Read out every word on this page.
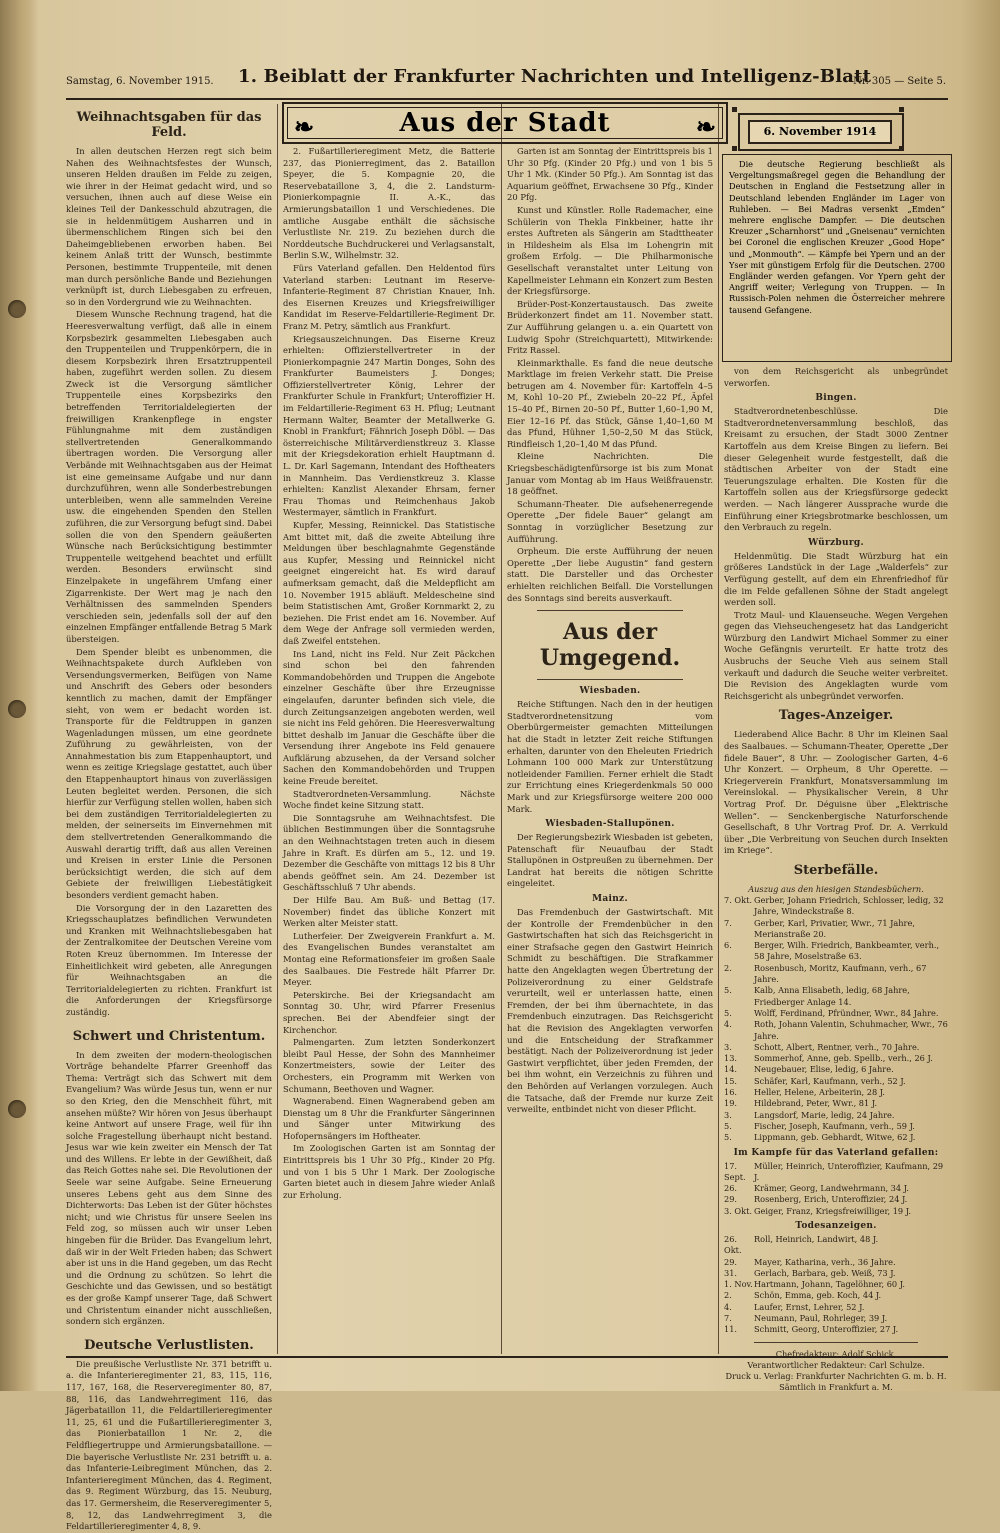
Samstag, 6. November 1915. 1. Beiblatt der Frankfurter Nachrichten und Intelligenz-Blatt
Nr. 305 — Seite 5.
❧	Aus der Stadt	❧
Weihnachtsgaben für das Feld.

In allen deutschen Herzen regt sich beim Nahen des Weihnachtsfestes der Wunsch, unseren Helden draußen im Felde zu zeigen, wie ihrer in der Heimat gedacht wird, und so versuchen, ihnen auch auf diese Weise ein kleines Teil der Dankesschuld abzutragen, die sie in heldenmütigem Ausharren und in übermenschlichem Ringen sich bei den Daheimgebliebenen erworben haben. Bei keinem Anlaß tritt der Wunsch, bestimmte Personen, bestimmte Truppenteile, mit denen man durch persönliche Bande und Beziehungen verknüpft ist, durch Liebesgaben zu erfreuen, so in den Vordergrund wie zu Weihnachten.

Diesem Wunsche Rechnung tragend, hat die Heeresverwaltung verfügt, daß alle in einem Korpsbezirk gesammelten Liebesgaben auch den Truppenteilen und Truppenkörpern, die in diesem Korpsbezirk ihren Ersatztruppenteil haben, zugeführt werden sollen. Zu diesem Zweck ist die Versorgung sämtlicher Truppenteile eines Korpsbezirks den betreffenden Territorialdelegierten der freiwilligen Krankenpflege in engster Fühlungnahme mit dem zuständigen stellvertretenden Generalkommando übertragen worden. Die Versorgung aller Verbände mit Weihnachtsgaben aus der Heimat ist eine gemeinsame Aufgabe und nur dann durchzuführen, wenn alle Sonderbestrebungen unterbleiben, wenn alle sammelnden Vereine usw. die eingehenden Spenden den Stellen zuführen, die zur Versorgung befugt sind. Dabei sollen die von den Spendern geäußerten Wünsche nach Berücksichtigung bestimmter Truppenteile weitgehend beachtet und erfüllt werden. Besonders erwünscht sind Einzelpakete in ungefährem Umfang einer Zigarrenkiste. Der Wert mag je nach den Verhältnissen des sammelnden Spenders verschieden sein, jedenfalls soll der auf den einzelnen Empfänger entfallende Betrag 5 Mark übersteigen.

Dem Spender bleibt es unbenommen, die Weihnachtspakete durch Aufkleben von Versendungsvermerken, Beifügen von Name und Anschrift des Gebers oder besonders kenntlich zu machen, damit der Empfänger sieht, von wem er bedacht worden ist. Transporte für die Feldtruppen in ganzen Wagenladungen müssen, um eine geordnete Zuführung zu gewährleisten, von der Annahmestation bis zum Etappenhauptort, und wenn es zeitige Kriegslage gestattet, auch über den Etappenhauptort hinaus von zuverlässigen Leuten begleitet werden. Personen, die sich hierfür zur Verfügung stellen wollen, haben sich bei dem zuständigen Territorialdelegierten zu melden, der seinerseits im Einvernehmen mit dem stellvertretenden Generalkommando die Auswahl derartig trifft, daß aus allen Vereinen und Kreisen in erster Linie die Personen berücksichtigt werden, die sich auf dem Gebiete der freiwilligen Liebestätigkeit besonders verdient gemacht haben.

Die Vorsorgung der in den Lazaretten des Kriegsschauplatzes befindlichen Verwundeten und Kranken mit Weihnachtsliebesgaben hat der Zentralkomitee der Deutschen Vereine vom Roten Kreuz übernommen. Im Interesse der Einheitlichkeit wird gebeten, alle Anregungen für Weihnachtsgaben an die Territorialdelegierten zu richten. Frankfurt ist die Anforderungen der Kriegsfürsorge zuständig.

Schwert und Christentum.

In dem zweiten der modern-theologischen Vorträge behandelte Pfarrer Greenhoff das Thema: Verträgt sich das Schwert mit dem Evangelium? Was würde Jesus tun, wenn er nur so den Krieg, den die Menschheit führt, mit ansehen müßte? Wir hören von Jesus überhaupt keine Antwort auf unsere Frage, weil für ihn solche Fragestellung überhaupt nicht bestand. Jesus war wie kein zweiter ein Mensch der Tat und des Willens. Er lebte in der Gewißheit, daß das Reich Gottes nahe sei. Die Revolutionen der Seele war seine Aufgabe. Seine Erneuerung unseres Lebens geht aus dem Sinne des Dichterworts: Das Leben ist der Güter höchstes nicht; und wie Christus für unsere Seelen ins Feld zog, so müssen auch wir unser Leben hingeben für die Brüder. Das Evangelium lehrt, daß wir in der Welt Frieden haben; das Schwert aber ist uns in die Hand gegeben, um das Recht und die Ordnung zu schützen. So lehrt die Geschichte und das Gewissen, und so bestätigt es der große Kampf unserer Tage, daß Schwert und Christentum einander nicht ausschließen, sondern sich ergänzen.

Deutsche Verlustlisten.

Die preußische Verlustliste Nr. 371 betrifft u. a. die Infanterieregimenter 21, 83, 115, 116, 117, 167, 168, die Reserveregimenter 80, 87, 88, 116, das Landwehrregiment 116, das Jägerbataillon 11, die Feldartillerieregimenter 11, 25, 61 und die Fußartillerieregimenter 3, das Pionierbataillon 1 Nr. 2, die Feldfliegertruppe und Armierungsbataillone. — Die bayerische Verlustliste Nr. 231 betrifft u. a. das Infanterie-Leibregiment München, das 2. Infanterieregiment München, das 4. Regiment, das 9. Regiment Würzburg, das 15. Neuburg, das 17. Germersheim, die Reserveregimenter 5, 8, 12, das Landwehrregiment 3, die Feldartillerieregimenter 4, 8, 9.

2. Fußartillerieregiment Metz, die Batterie 237, das Pionierregiment, das 2. Bataillon Speyer, die 5. Kompagnie 20, die Reservebataillone 3, 4, die 2. Landsturm-Pionierkompagnie II. A.-K., das Armierungsbataillon 1 und Verschiedenes. Die amtliche Ausgabe enthält die sächsische Verlustliste Nr. 219. Zu beziehen durch die Norddeutsche Buchdruckerei und Verlagsanstalt, Berlin S.W., Wilhelmstr. 32.

Fürs Vaterland gefallen. Den Heldentod fürs Vaterland starben: Leutnant im Reserve-Infanterie-Regiment 87 Christian Knauer, Inh. des Eisernen Kreuzes und Kriegsfreiwilliger Kandidat im Reserve-Feldartillerie-Regiment Dr. Franz M. Petry, sämtlich aus Frankfurt.

Kriegsauszeichnungen. Das Eiserne Kreuz erhielten: Offizierstellvertreter in der Pionierkompagnie 247 Martin Donges, Sohn des Frankfurter Baumeisters J. Donges; Offizierstellvertreter König, Lehrer der Frankfurter Schule in Frankfurt; Unteroffizier H. im Feldartillerie-Regiment 63 H. Pflug; Leutnant Hermann Walter, Beamter der Metallwerke G. Knobl in Frankfurt; Fähnrich Joseph Döbl. — Das österreichische Militärverdienstkreuz 3. Klasse mit der Kriegsdekoration erhielt Hauptmann d. L. Dr. Karl Sagemann, Intendant des Hoftheaters in Mannheim. Das Verdienstkreuz 3. Klasse erhielten: Kanzlist Alexander Ehrsam, ferner Frau Thomas und Reimchenhaus Jakob Westermayer, sämtlich in Frankfurt.

Kupfer, Messing, Reinnickel. Das Statistische Amt bittet mit, daß die zweite Abteilung ihre Meldungen über beschlagnahmte Gegenstände aus Kupfer, Messing und Reinnickel nicht geeignet eingereicht hat. Es wird darauf aufmerksam gemacht, daß die Meldepflicht am 10. November 1915 abläuft. Meldescheine sind beim Statistischen Amt, Großer Kornmarkt 2, zu beziehen. Die Frist endet am 16. November. Auf dem Wege der Anfrage soll vermieden werden, daß Zweifel entstehen.

Ins Land, nicht ins Feld. Nur Zeit Päckchen sind schon bei den fahrenden Kommandobehörden und Truppen die Angebote einzelner Geschäfte über ihre Erzeugnisse eingelaufen, darunter befinden sich viele, die durch Zeitungsanzeigen angeboten werden, weil sie nicht ins Feld gehören. Die Heeresverwaltung bittet deshalb im Januar die Geschäfte über die Versendung ihrer Angebote ins Feld genauere Aufklärung abzusehen, da der Versand solcher Sachen den Kommandobehörden und Truppen keine Freude bereitet.

Stadtverordneten-Versammlung. Nächste Woche findet keine Sitzung statt.

Die Sonntagsruhe am Weihnachtsfest. Die üblichen Bestimmungen über die Sonntagsruhe an den Weihnachtstagen treten auch in diesem Jahre in Kraft. Es dürfen am 5., 12. und 19. Dezember die Geschäfte von mittags 12 bis 8 Uhr abends geöffnet sein. Am 24. Dezember ist Geschäftsschluß 7 Uhr abends.

Der Hilfe Bau. Am Buß- und Bettag (17. November) findet das übliche Konzert mit Werken alter Meister statt.

Lutherfeier. Der Zweigverein Frankfurt a. M. des Evangelischen Bundes veranstaltet am Montag eine Reformationsfeier im großen Saale des Saalbaues. Die Festrede hält Pfarrer Dr. Meyer.

Peterskirche. Bei der Kriegsandacht am Sonntag 30. Uhr, wird Pfarrer Fresenius sprechen. Bei der Abendfeier singt der Kirchenchor.

Palmengarten. Zum letzten Sonderkonzert bleibt Paul Hesse, der Sohn des Mannheimer Konzertmeisters, sowie der Leiter des Orchesters, ein Programm mit Werken von Schumann, Beethoven und Wagner.

Wagnerabend. Einen Wagnerabend geben am Dienstag um 8 Uhr die Frankfurter Sängerinnen und Sänger unter Mitwirkung des Hofopernsängers im Hoftheater.

Im Zoologischen Garten ist am Sonntag der Eintrittspreis bis 1 Uhr 30 Pfg., Kinder 20 Pfg. und von 1 bis 5 Uhr 1 Mark. Der Zoologische Garten bietet auch in diesem Jahre wieder Anlaß zur Erholung.

Garten ist am Sonntag der Eintrittspreis bis 1 Uhr 30 Pfg. (Kinder 20 Pfg.) und von 1 bis 5 Uhr 1 Mk. (Kinder 50 Pfg.). Am Sonntag ist das Aquarium geöffnet, Erwachsene 30 Pfg., Kinder 20 Pfg.

Kunst und Künstler. Rolle Rademacher, eine Schülerin von Thekla Finkbeiner, hatte ihr erstes Auftreten als Sängerin am Stadttheater in Hildesheim als Elsa im Lohengrin mit großem Erfolg. — Die Philharmonische Gesellschaft veranstaltet unter Leitung von Kapellmeister Lehmann ein Konzert zum Besten der Kriegsfürsorge.

Brüder-Post-Konzertaustausch. Das zweite Brüderkonzert findet am 11. November statt. Zur Aufführung gelangen u. a. ein Quartett von Ludwig Spohr (Streichquartett), Mitwirkende: Fritz Rassel.

Kleinmarkthalle. Es fand die neue deutsche Marktlage im freien Verkehr statt. Die Preise betrugen am 4. November für: Kartoffeln 4–5 M, Kohl 10–20 Pf., Zwiebeln 20–22 Pf., Äpfel 15–40 Pf., Birnen 20–50 Pf., Butter 1,60–1,90 M, Eier 12–16 Pf. das Stück, Gänse 1,40–1,60 M das Pfund, Hühner 1,50–2,50 M das Stück, Rindfleisch 1,20–1,40 M das Pfund.

Kleine Nachrichten. Die Kriegsbeschädigtenfürsorge ist bis zum Monat Januar vom Montag ab im Haus Weißfrauenstr. 18 geöffnet.

Schumann-Theater. Die aufsehenerregende Operette „Der fidele Bauer“ gelangt am Sonntag in vorzüglicher Besetzung zur Aufführung.

Orpheum. Die erste Aufführung der neuen Operette „Der liebe Augustin“ fand gestern statt. Die Darsteller und das Orchester erhielten reichlichen Beifall. Die Vorstellungen des Sonntags sind bereits ausverkauft.

Aus der Umgegend.
Wiesbaden.

Reiche Stiftungen. Nach den in der heutigen Stadtverordnetensitzung vom Oberbürgermeister gemachten Mitteilungen hat die Stadt in letzter Zeit reiche Stiftungen erhalten, darunter von den Eheleuten Friedrich Lohmann 100 000 Mark zur Unterstützung notleidender Familien. Ferner erhielt die Stadt zur Errichtung eines Kriegerdenkmals 50 000 Mark und zur Kriegsfürsorge weitere 200 000 Mark.

Wiesbaden-Stallupönen.

Der Regierungsbezirk Wiesbaden ist gebeten, Patenschaft für Neuaufbau der Stadt Stallupönen in Ostpreußen zu übernehmen. Der Landrat hat bereits die nötigen Schritte eingeleitet.

Mainz.

Das Fremdenbuch der Gastwirtschaft. Mit der Kontrolle der Fremdenbücher in den Gastwirtschaften hat sich das Reichsgericht in einer Strafsache gegen den Gastwirt Heinrich Schmidt zu beschäftigen. Die Strafkammer hatte den Angeklagten wegen Übertretung der Polizeiverordnung zu einer Geldstrafe verurteilt, weil er unterlassen hatte, einen Fremden, der bei ihm übernachtete, in das Fremdenbuch einzutragen. Das Reichsgericht hat die Revision des Angeklagten verworfen und die Entscheidung der Strafkammer bestätigt. Nach der Polizeiverordnung ist jeder Gastwirt verpflichtet, über jeden Fremden, der bei ihm wohnt, ein Verzeichnis zu führen und den Behörden auf Verlangen vorzulegen. Auch die Tatsache, daß der Fremde nur kurze Zeit verweilte, entbindet nicht von dieser Pflicht.

6. November 1914

Die deutsche Regierung beschließt als Vergeltungsmaßregel gegen die Behandlung der Deutschen in England die Festsetzung aller in Deutschland lebenden Engländer im Lager von Ruhleben. — Bei Madras versenkt „Emden“ mehrere englische Dampfer. — Die deutschen Kreuzer „Scharnhorst“ und „Gneisenau“ vernichten bei Coronel die englischen Kreuzer „Good Hope“ und „Monmouth“. — Kämpfe bei Ypern und an der Yser mit günstigem Erfolg für die Deutschen. 2700 Engländer werden gefangen. Vor Ypern geht der Angriff weiter; Verlegung von Truppen. — In Russisch-Polen nehmen die Österreicher mehrere tausend Gefangene.

von dem Reichsgericht als unbegründet verworfen.

Bingen.

Stadtverordnetenbeschlüsse. Die Stadtverordnetenversammlung beschloß, das Kreisamt zu ersuchen, der Stadt 3000 Zentner Kartoffeln aus dem Kreise Bingen zu liefern. Bei dieser Gelegenheit wurde festgestellt, daß die städtischen Arbeiter von der Stadt eine Teuerungszulage erhalten. Die Kosten für die Kartoffeln sollen aus der Kriegsfürsorge gedeckt werden. — Nach längerer Aussprache wurde die Einführung einer Kriegsbrotmarke beschlossen, um den Verbrauch zu regeln.

Würzburg.

Heldenmütig. Die Stadt Würzburg hat ein größeres Landstück in der Lage „Walderfels“ zur Verfügung gestellt, auf dem ein Ehrenfriedhof für die im Felde gefallenen Söhne der Stadt angelegt werden soll.

Trotz Maul- und Klauenseuche. Wegen Vergehen gegen das Viehseuchengesetz hat das Landgericht Würzburg den Landwirt Michael Sommer zu einer Woche Gefängnis verurteilt. Er hatte trotz des Ausbruchs der Seuche Vieh aus seinem Stall verkauft und dadurch die Seuche weiter verbreitet. Die Revision des Angeklagten wurde vom Reichsgericht als unbegründet verworfen.

Tages-Anzeiger.

Liederabend Alice Bachr. 8 Uhr im Kleinen Saal des Saalbaues. — Schumann-Theater, Operette „Der fidele Bauer“, 8 Uhr. — Zoologischer Garten, 4–6 Uhr Konzert. — Orpheum, 8 Uhr Operette. — Kriegerverein Frankfurt, Monatsversammlung im Vereinslokal. — Physikalischer Verein, 8 Uhr Vortrag Prof. Dr. Déguisne über „Elektrische Wellen“. — Senckenbergische Naturforschende Gesellschaft, 8 Uhr Vortrag Prof. Dr. A. Verrkuld über „Die Verbreitung von Seuchen durch Insekten im Kriege“.

Sterbefälle.
Auszug aus den hiesigen Standesbüchern.
7. Okt. Gerber, Johann Friedrich, Schlosser, ledig, 32 Jahre, Windeckstraße 8.
7.	Gerber, Karl, Privatier, Wwr., 71 Jahre, Merianstraße 20.
6.	Berger, Wilh. Friedrich, Bankbeamter, verh., 58 Jahre, Moselstraße 63.
2.	Rosenbusch, Moritz, Kaufmann, verh., 67 Jahre.
5.	Kalb, Anna Elisabeth, ledig, 68 Jahre, Friedberger Anlage 14.
5.	Wolff, Ferdinand, Pfründner, Wwr., 84 Jahre.
4.	Roth, Johann Valentin, Schuhmacher, Wwr., 76 Jahre.
3.	Schott, Albert, Rentner, verh., 70 Jahre.
13.	Sommerhof, Anne, geb. Spellb., verh., 26 J.
14.	Neugebauer, Elise, ledig, 6 Jahre.
15.	Schäfer, Karl, Kaufmann, verh., 52 J.
16.	Heller, Helene, Arbeiterin, 28 J.
19.	Hildebrand, Peter, Wwr., 81 J.
3.	Langsdorf, Marie, ledig, 24 Jahre.
5.	Fischer, Joseph, Kaufmann, verh., 59 J.
5.	Lippmann, geb. Gebhardt, Witwe, 62 J.
Im Kampfe für das Vaterland gefallen:
17. Sept.
Müller, Heinrich, Unteroffizier, Kaufmann, 29 J.
26.	Krämer, Georg, Landwehrmann, 34 J.
29.	Rosenberg, Erich, Unteroffizier, 24 J.
3. Okt. Geiger, Franz, Kriegsfreiwilliger, 19 J.
Todesanzeigen.
26. Okt.
Roll, Heinrich, Landwirt, 48 J.
29.	Mayer, Katharina, verh., 36 Jahre.
31.	Gerlach, Barbara, geb. Weiß, 73 J.
1. Nov. Hartmann, Johann, Tagelöhner, 60 J.
2.	Schön, Emma, geb. Koch, 44 J.
4.	Laufer, Ernst, Lehrer, 52 J.
7.	Neumann, Paul, Rohrleger, 39 J.
11.	Schmitt, Georg, Unteroffizier, 27 J.
Chefredakteur: Adolf Schick.
Verantwortlicher Redakteur: Carl Schulze.
Druck u. Verlag: Frankfurter Nachrichten G. m. b. H.
Sämtlich in Frankfurt a. M.
